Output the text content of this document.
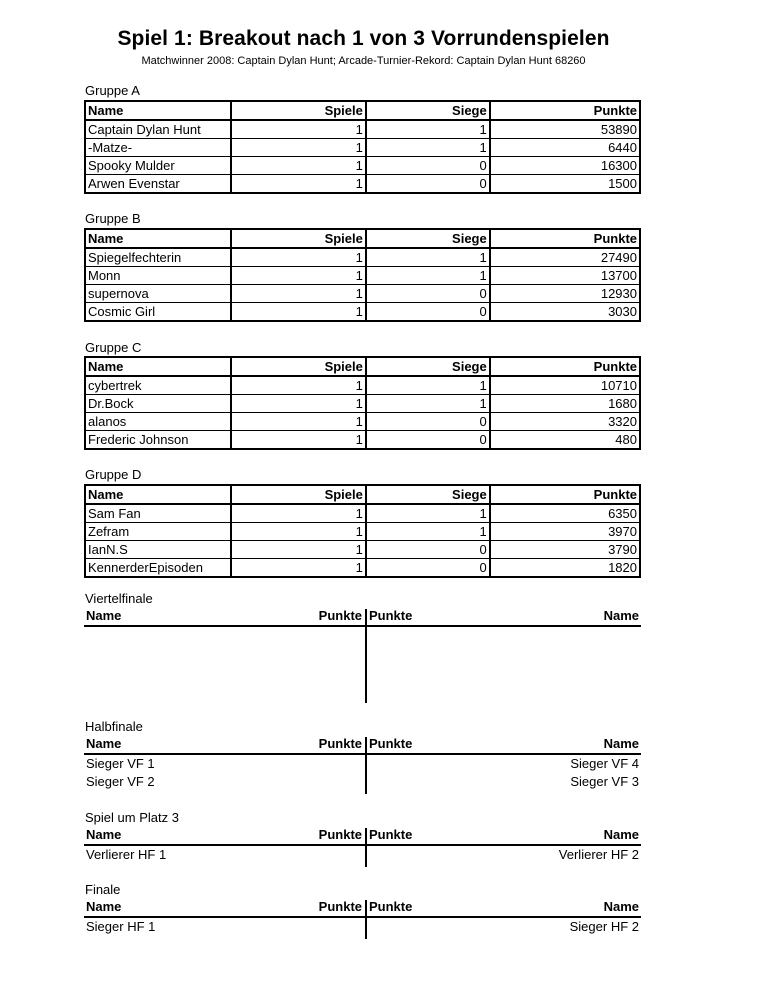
Spiel 1: Breakout nach 1 von 3 Vorrundenspielen
Matchwinner 2008: Captain Dylan Hunt; Arcade-Turnier-Rekord: Captain Dylan Hunt 68260
Gruppe A
Name	Spiele	Siege	Punkte
Captain Dylan Hunt	1	1	53890
-Matze-	1	1	6440
Spooky Mulder	1	0	16300
Arwen Evenstar	1	0	1500
Gruppe B
Name	Spiele	Siege	Punkte
Spiegelfechterin	1	1	27490
Monn	1	1	13700
supernova	1	0	12930
Cosmic Girl	1	0	3030
Gruppe C
Name	Spiele	Siege	Punkte
cybertrek	1	1	10710
Dr.Bock	1	1	1680
alanos	1	0	3320
Frederic Johnson	1	0	480
Gruppe D
Name	Spiele	Siege	Punkte
Sam Fan	1	1	6350
Zefram	1	1	3970
IanN.S	1	0	3790
KennerderEpisoden	1	0	1820
Viertelfinale
Name	Punkte Punkte	Name
Halbfinale
Name	Punkte Punkte	Name
Sieger VF 1	Sieger VF 4
Sieger VF 2	Sieger VF 3
Spiel um Platz 3
Name	Punkte Punkte	Name
Verlierer HF 1	Verlierer HF 2
Finale
Name	Punkte Punkte	Name
Sieger HF 1	Sieger HF 2
